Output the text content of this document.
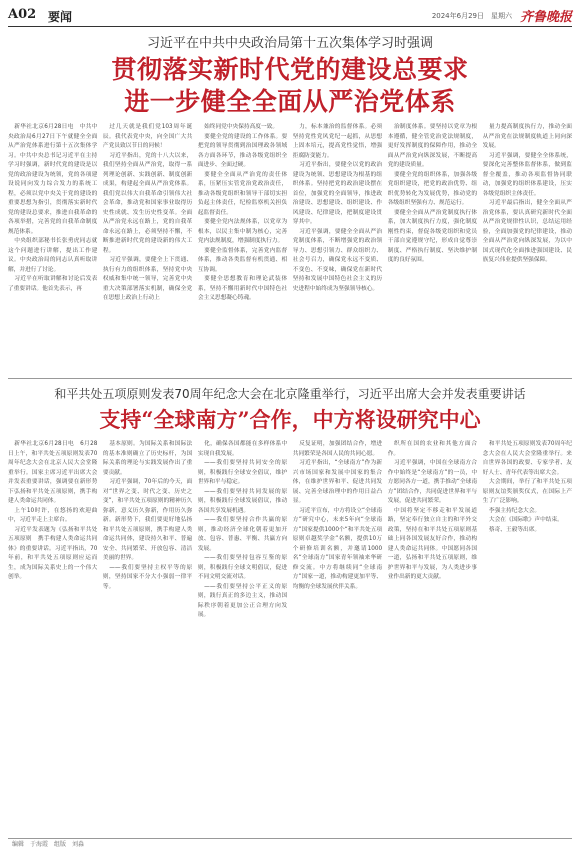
A02 要闻	2024年6月29日　星期六 齐鲁晚报
习近平在中共中央政治局第十五次集体学习时强调
贯彻落实新时代党的建设总要求
进一步健全全面从严治党体系

新华社北京6月28日电　中共中央政治局6月27日下午就健全全面从严治党体系进行第十五次集体学习。中共中央总书记习近平在主持学习时强调，新时代党的建设是以党的政治建设为统领，党的各项建设说同向发力综合发力的系统工程，必须以党中央关于党的建设的重要思想为指引，贯彻落实新时代党的建设总要求，推进自我革命的各项举措，完善党的自我革命制度规范体系。

中央组织部秘书长张勇虎同志就这个问题进行讲解，提出工作建议。中央政治局的同志认真听取讲解，并进行了讨论。

习近平在听取讲解和讨论后发表了重要讲话。他首先表示，再

过几天就是我们党103周年诞辰。我代表党中央，向全国广大共产党员致以节日的问候！

习近平指出，党的十八大以来，我们坚持全面从严治党，取得一系列理论创新、实践创新、制度创新成果，构建起全面从严治党体系。我们党以伟大自我革命引领伟大社会革命，推动党和国家事业取得历史性成就、发生历史性变革。全面从严治党永远在路上，党的自我革命永远在路上，必须坚持不懈，不断推进新时代党的建设新的伟大工程。

习近平强调，要健全上下贯通、执行有力的组织体系，坚持党中央权威和集中统一领导，完善党中央重大决策部署落实机制，确保全党在思想上政治上行动上

始终同党中央保持高度一致。

要健全党的建设的工作体系。要把党的领导贯彻到治国理政各领域各方面各环节，推动各级党组织全面进步、全面过硬。

要健全全面从严治党的责任体系，压紧压实管党治党政治责任，推动各级党组织和领导干部切实担负起主体责任，纪检监察机关担负起监督责任。

要健全党内法规体系，以党章为根本，以民主集中制为核心，完善党内法规制度，增强制度执行力。

要健全监督体系，完善党内监督体系，推动各类监督有机贯通、相互协调。

要健全思想教育和理论武装体系，坚持不懈用新时代中国特色社会主义思想凝心铸魂。

力，标本兼治的监督体系。必须坚持党性党风党纪一起抓，从思想上固本培元，提高党性觉悟，增强拒腐防变能力。

习近平指出，要健全以党的政治建设为统领、思想建设为根基的组织体系。坚持把党的政治建设摆在首位，加强党的全面领导，推进政治建设、思想建设、组织建设、作风建设、纪律建设，把制度建设贯穿其中。

习近平强调，要健全全面从严治党制度体系，不断增强党的政治领导力、思想引领力、群众组织力、社会号召力，确保党永远不变质、不变色、不变味，确保党在新时代坚持和发展中国特色社会主义的历史进程中始终成为坚强领导核心。

治制度体系。要坚持以党章为根本遵循，健全管党治党法规制度，更好发挥制度的保障作用，推动全面从严治党向纵深发展，不断提高党的建设质量。

要健全党的组织体系，加强各级党组织建设，把党的政治优势、组织优势转化为发展优势，推动党的各级组织坚强有力、规范运行。

要健全全面从严治党制度执行体系，加大制度执行力度，强化制度刚性约束，督促各级党组织和党员干部自觉遵规守纪，形成自觉尊崇制度、严格执行制度、坚决维护制度的良好氛围。

量力提高制度执行力，推动全面从严治党在法规制度轨道上同向深发展。

习近平强调，要健全全体系统，要深化完善整体监督体系，做到监督全覆盖，推动各项监督协同联动，加强党的组织体系建设，压实各级党组织主体责任。

习近平最后指出，健全全面从严治党体系，要认真研究新时代全面从严治党规律性认识，总结运用经验，全面加强党的纪律建设，推动全面从严治党向纵深发展，为以中国式现代化全面推进强国建设、民族复兴伟业提供坚强保障。

和平共处五项原则发表70周年纪念大会在北京隆重举行，习近平出席大会并发表重要讲话
支持“全球南方”合作，中方将设研究中心

新华社北京6月28日电　6月28日上午，和平共处五项原则发表70周年纪念大会在北京人民大会堂隆重举行。国家主席习近平出席大会并发表重要讲话，强调要在新形势下弘扬和平共处五项原则，携手构建人类命运共同体。

上午10时许，在悠扬的欢迎曲中，习近平走上主席台。

习近平发表题为《弘扬和平共处五项原则　携手构建人类命运共同体》的重要讲话。习近平指出，70年前，和平共处五项原则应运而生，成为国际关系史上的一个伟大创举。

基本原则。为国际关系和国际法的基本准则确立了历史标杆，为国际关系的理论与实践发展作出了重要贡献。

习近平强调，70年后的今天，面对“世界之变、时代之变、历史之变”，和平共处五项原则的精神历久弥新，意义历久弥新，作用历久弥新。新形势下，我们要更好地弘扬和平共处五项原则，携手构建人类命运共同体，建设持久和平、普遍安全、共同繁荣、开放包容、清洁美丽的世界。

——我们要坚持主权平等的原则，坚持国家不分大小强弱一律平等。

化，确保各国都能在多样体系中实现自我发展。

——我们要坚持共同安全的原则，积极践行全球安全倡议，维护世界和平与稳定。

——我们要坚持共同发展的原则，积极践行全球发展倡议，推动各国共享发展机遇。

——我们要坚持合作共赢的原则，推动经济全球化朝着更加开放、包容、普惠、平衡、共赢方向发展。

——我们要坚持包容互鉴的原则，积极践行全球文明倡议，促进不同文明交流对话。

——我们要坚持公平正义的原则，践行真正的多边主义，推动国际秩序朝着更加公正合理方向发展。

反复证明，加强团结合作，增进共同繁荣是各国人民的共同心愿。

习近平指出，“全球南方”作为新兴市场国家和发展中国家的集合体，在维护世界和平、促进共同发展、完善全球治理中的作用日益凸显。

习近平宣布，中方将设立“全球南方”研究中心，未来5年向“全球南方”国家提供1000个“和平共处五项原则卓越奖学金”名额，提供10万个研修培训名额，并邀请1000名“全球南方”国家青年领袖来华研修交流。中方将继续同“全球南方”国家一道，推动构建更加平等、均衡的全球发展伙伴关系。

织所在国的农业和其他方面合作。

习近平强调，中国在全球南方合作中始终是“全球南方”的一员，中方愿同各方一道，携手推动“全球南方”团结合作，共同促进世界和平与发展，促进共同繁荣。

中国将坚定不移走和平发展道路，坚定奉行独立自主的和平外交政策，坚持在和平共处五项原则基础上同各国发展友好合作，推动构建人类命运共同体。中国愿同各国一道，弘扬和平共处五项原则，维护世界和平与发展，为人类进步事业作出新的更大贡献。

和平共处五项原则发表70周年纪念大会在人民大会堂隆重举行。来自世界各国的政要、专家学者、友好人士、青年代表等出席大会。

大会期间，举行了和平共处五项原则友谊奖颁奖仪式，在国际上产生了广泛影响。

李强主持纪念大会。

大会在《国际歌》声中结束。

蔡奇、王毅等出席。

编辑　于海霞　组版　刘淼
